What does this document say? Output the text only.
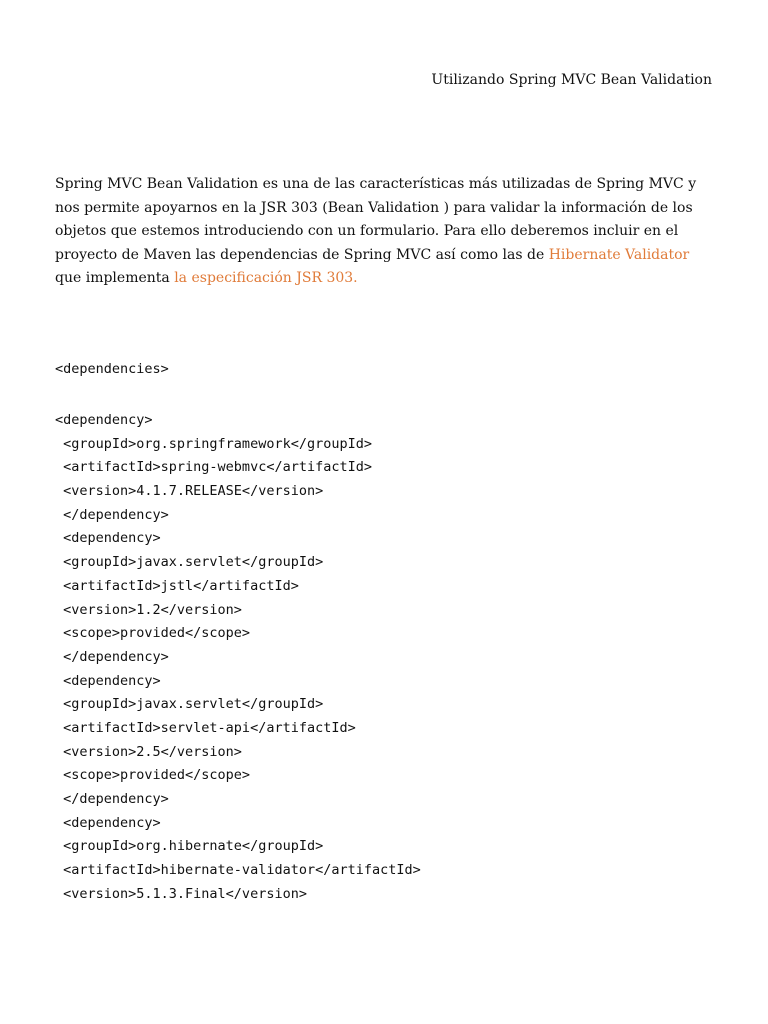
Utilizando Spring MVC Bean Validation

Spring MVC Bean Validation es una de las características más utilizadas de Spring MVC y
nos permite apoyarnos en la JSR 303 (Bean Validation ) para validar la información de los
objetos que estemos introduciendo con un formulario. Para ello deberemos incluir en el
proyecto de Maven las dependencias de Spring MVC así como las de Hibernate Validator
que implementa la especificación JSR 303.

<dependencies>
<dependency>
<groupId>org.springframework</groupId>
<artifactId>spring-webmvc</artifactId>
<version>4.1.7.RELEASE</version>
</dependency>
<dependency>
<groupId>javax.servlet</groupId>
<artifactId>jstl</artifactId>
<version>1.2</version>
<scope>provided</scope>
</dependency>
<dependency>
<groupId>javax.servlet</groupId>
<artifactId>servlet-api</artifactId>
<version>2.5</version>
<scope>provided</scope>
</dependency>
<dependency>
<groupId>org.hibernate</groupId>
<artifactId>hibernate-validator</artifactId>
<version>5.1.3.Final</version>
